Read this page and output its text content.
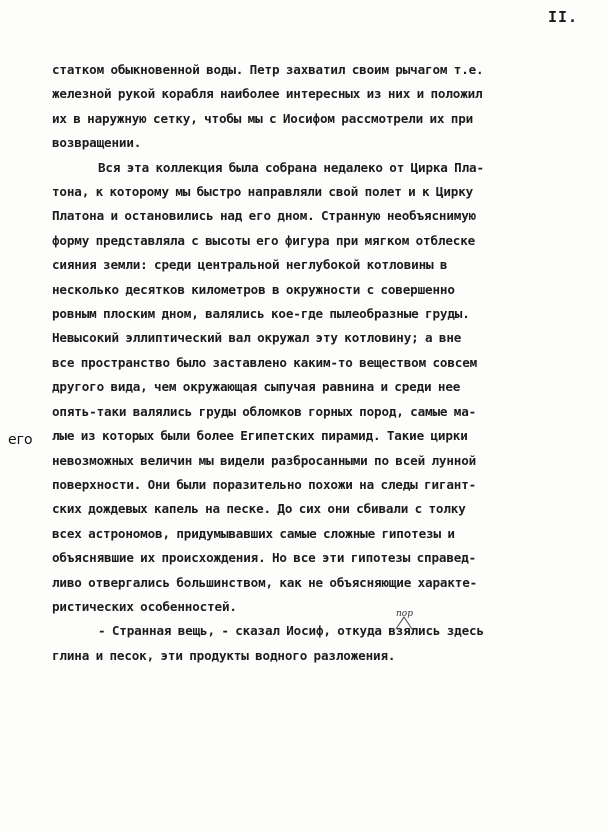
II.
статком обыкновенной воды. Петр захватил своим рычагом т.е.
железной рукой корабля наиболее интересных из них и положил
их в наружную сетку, чтобы мы с Иосифом рассмотрели их при
возвращении.
Вся эта коллекция была собрана недалеко от Цирка Пла-
тона, к которому мы быстро направляли свой полет и к Цирку
Платона и остановились над его дном. Странную необъяснимую
форму представляла с высоты его фигура при мягком отблеске
сияния земли: среди центральной неглубокой котловины в
несколько десятков километров в окружности с совершенно
ровным плоским дном, валялись кое-где пылеобразные груды.
Невысокий эллиптический вал окружал эту котловину; а вне
все пространство было заставлено каким-то веществом совсем
другого вида, чем окружающая сыпучая равнина и среди нее
опять-таки валялись груды обломков горных пород, самые ма-
лые из которых были более Египетских пирамид. Такие цирки
невозможных величин мы видели разбросанными по всей лунной
поверхности. Они были поразительно похожи на следы гигант-
ских дождевых капель на песке. До сих они сбивали с толку
всех астрономов, придумывавших самые сложные гипотезы и
объяснявшие их происхождения. Но все эти гипотезы справед-
ливо отвергались большинством, как не объясняющие характе-
ристических особенностей.
- Странная вещь, - сказал Иосиф, откуда взялись здесь
глина и песок, эти продукты водного разложения.
его
пор
